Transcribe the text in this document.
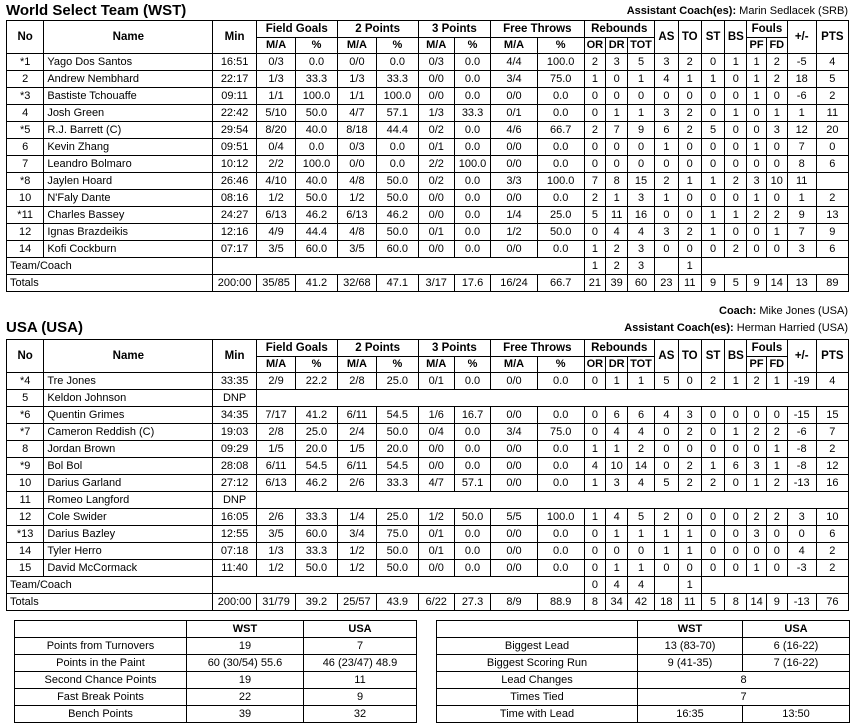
World Select Team (WST)	Assistant Coach(es): Marin Sedlacek (SRB)
No	Name	Min	Field Goals		2 Points		3 Points		Free Throws		Rebounds			AS	TO	ST	BS	Fouls		+/-	PTS
			M/A	%	M/A	%	M/A	%	M/A	%	OR	DR	TOT					PF	FD		
*1	Yago Dos Santos	16:51	0/3	0.0	0/0	0.0	0/3	0.0	4/4	100.0	2	3	5	3	2	0	1	1	2	-5	4
2	Andrew Nembhard	22:17	1/3	33.3	1/3	33.3	0/0	0.0	3/4	75.0	1	0	1	4	1	1	0	1	2	18	5
*3	Bastiste Tchouaffe	09:11	1/1	100.0	1/1	100.0	0/0	0.0	0/0	0.0	0	0	0	0	0	0	0	1	0	-6	2
4	Josh Green	22:42	5/10	50.0	4/7	57.1	1/3	33.3	0/1	0.0	0	1	1	3	2	0	1	0	1	1	11
*5	R.J. Barrett (C)	29:54	8/20	40.0	8/18	44.4	0/2	0.0	4/6	66.7	2	7	9	6	2	5	0	0	3	12	20
6	Kevin Zhang	09:51	0/4	0.0	0/3	0.0	0/1	0.0	0/0	0.0	0	0	0	1	0	0	0	1	0	7	0
7	Leandro Bolmaro	10:12	2/2	100.0	0/0	0.0	2/2	100.0	0/0	0.0	0	0	0	0	0	0	0	0	0	8	6
*8	Jaylen Hoard	26:46	4/10	40.0	4/8	50.0	0/2	0.0	3/3	100.0	7	8	15	2	1	1	2	3	10	11	
10	N'Faly Dante	08:16	1/2	50.0	1/2	50.0	0/0	0.0	0/0	0.0	2	1	3	1	0	0	0	1	0	1	2
*11	Charles Bassey	24:27	6/13	46.2	6/13	46.2	0/0	0.0	1/4	25.0	5	11	16	0	0	1	1	2	2	9	13
12	Ignas Brazdeikis	12:16	4/9	44.4	4/8	50.0	0/1	0.0	1/2	50.0	0	4	4	3	2	1	0	0	1	7	9
14	Kofi Cockburn	07:17	3/5	60.0	3/5	60.0	0/0	0.0	0/0	0.0	1	2	3	0	0	0	2	0	0	3	6
Team/Coach											1	2	3		1						
Totals		200:00	35/85	41.2	32/68	47.1	3/17	17.6	16/24	66.7	21	39	60	23	11	9	5	9	14	13	89
Coach: Mike Jones (USA)
USA (USA)	Assistant Coach(es): Herman Harried (USA)
No	Name	Min	Field Goals		2 Points		3 Points		Free Throws		Rebounds			AS	TO	ST	BS	Fouls		+/-	PTS
			M/A	%	M/A	%	M/A	%	M/A	%	OR	DR	TOT					PF	FD		
*4	Tre Jones	33:35	2/9	22.2	2/8	25.0	0/1	0.0	0/0	0.0	0	1	1	5	0	2	1	2	1	-19	4
5	Keldon Johnson	DNP																			
*6	Quentin Grimes	34:35	7/17	41.2	6/11	54.5	1/6	16.7	0/0	0.0	0	6	6	4	3	0	0	0	0	-15	15
*7	Cameron Reddish (C)	19:03	2/8	25.0	2/4	50.0	0/4	0.0	3/4	75.0	0	4	4	0	2	0	1	2	2	-6	7
8	Jordan Brown	09:29	1/5	20.0	1/5	20.0	0/0	0.0	0/0	0.0	1	1	2	0	0	0	0	0	1	-8	2
*9	Bol Bol	28:08	6/11	54.5	6/11	54.5	0/0	0.0	0/0	0.0	4	10	14	0	2	1	6	3	1	-8	12
10	Darius Garland	27:12	6/13	46.2	2/6	33.3	4/7	57.1	0/0	0.0	1	3	4	5	2	2	0	1	2	-13	16
11	Romeo Langford	DNP																			
12	Cole Swider	16:05	2/6	33.3	1/4	25.0	1/2	50.0	5/5	100.0	1	4	5	2	0	0	0	2	2	3	10
*13	Darius Bazley	12:55	3/5	60.0	3/4	75.0	0/1	0.0	0/0	0.0	0	1	1	1	1	0	0	3	0	0	6
14	Tyler Herro	07:18	1/3	33.3	1/2	50.0	0/1	0.0	0/0	0.0	0	0	0	1	1	0	0	0	0	4	2
15	David McCormack	11:40	1/2	50.0	1/2	50.0	0/0	0.0	0/0	0.0	0	1	1	0	0	0	0	1	0	-3	2
Team/Coach											0	4	4		1						
Totals		200:00	31/79	39.2	25/57	43.9	6/22	27.3	8/9	88.9	8	34	42	18	11	5	8	14	9	-13	76
	WST	USA
Points from Turnovers	19	7
Points in the Paint	60 (30/54) 55.6	46 (23/47) 48.9
Second Chance Points	19	11
Fast Break Points	22	9
Bench Points	39	32
	WST	USA
Biggest Lead	13 (83-70)	6 (16-22)
Biggest Scoring Run	9 (41-35)	7 (16-22)
Lead Changes	8	
Times Tied	7	
Time with Lead	16:35	13:50
